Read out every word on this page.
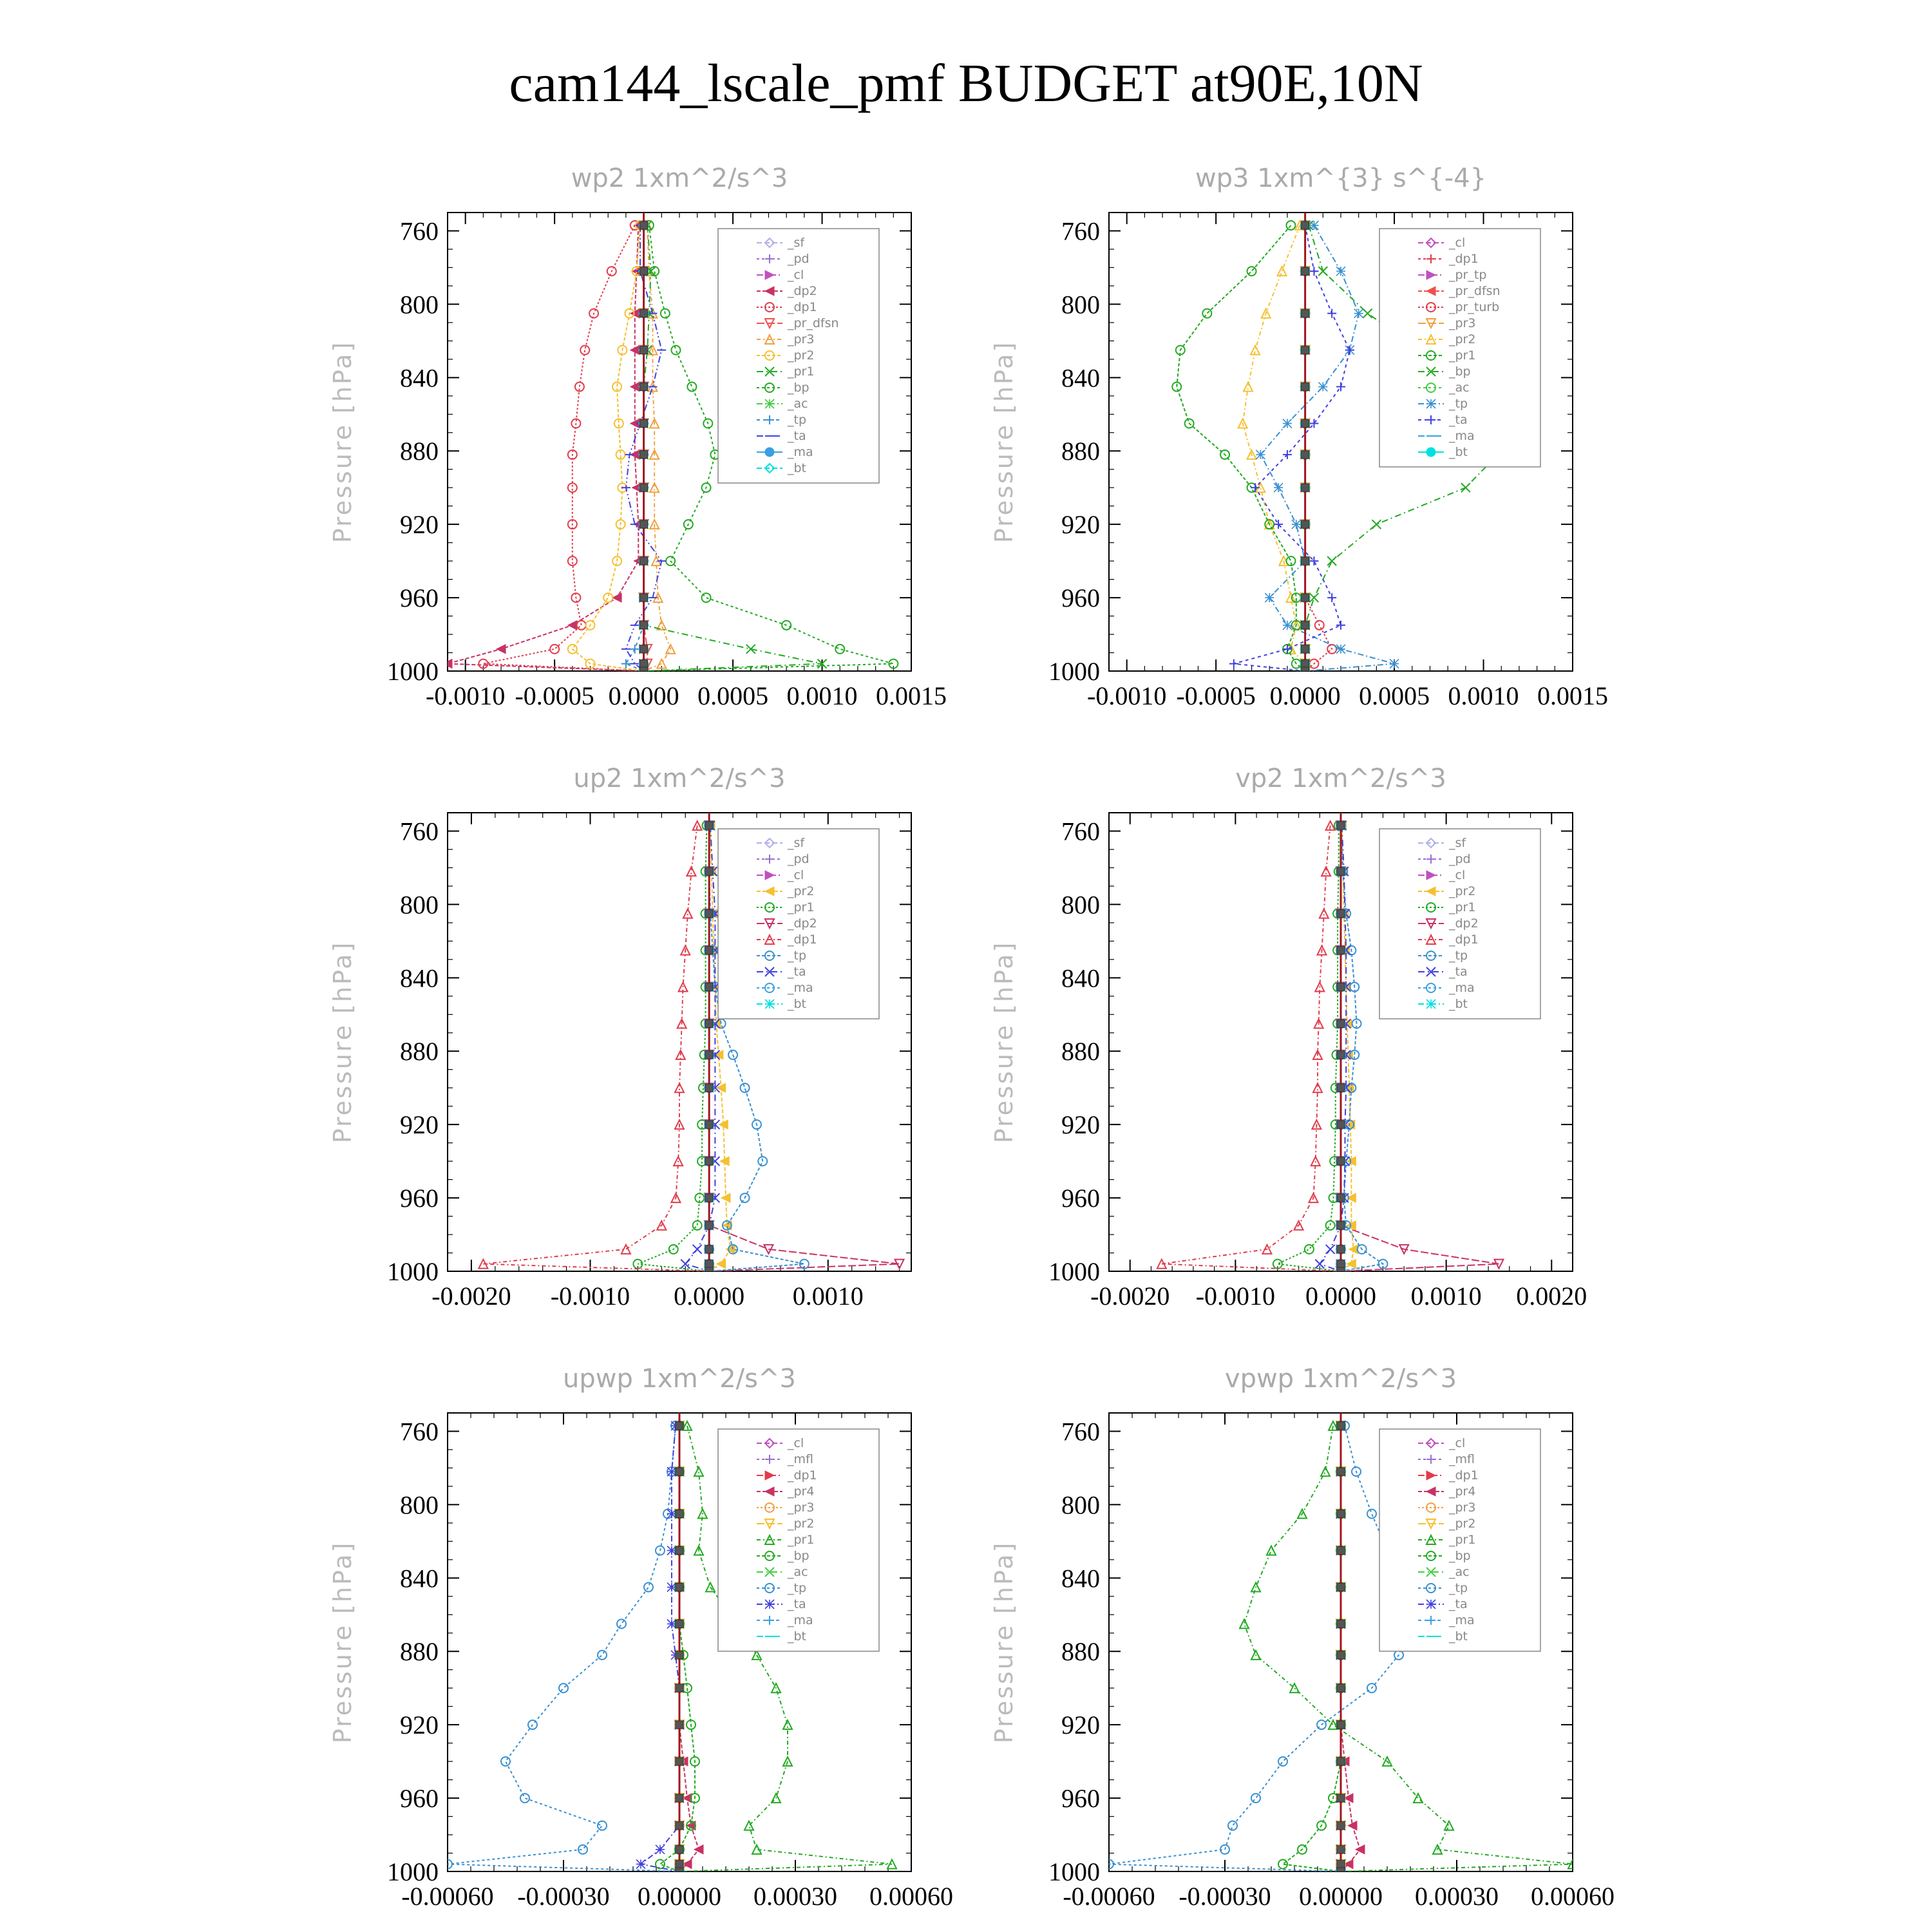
cam144_lscale_pmf BUDGET at90E,10N
wp2 1xm^2/s^3
760
800
840
880
920
960
1000
-0.0010 -0.0005 0.0000 0.0005 0.0010 0.0015
Pressure [hPa]
_sf
_pd
_cl
_dp2
_dp1
_pr_dfsn
_pr3
_pr2
_pr1
_bp
_ac
_tp
_ta
_ma
_bt
wp3 1xm^{3} s^{-4}
760
800
840
880
920
960
1000
-0.0010 -0.0005 0.0000 0.0005 0.0010 0.0015
Pressure [hPa]
_cl
_dp1
_pr_tp
_pr_dfsn
_pr_turb
_pr3
_pr2
_pr1
_bp
_ac
_tp
_ta
_ma
_bt
up2 1xm^2/s^3
760
800
840
880
920
960
1000
-0.0020 -0.0010 0.0000 0.0010
Pressure [hPa]
_sf
_pd
_cl
_pr2
_pr1
_dp2
_dp1
_tp
_ta
_ma
_bt
vp2 1xm^2/s^3
760
800
840
880
920
960
1000
-0.0020 -0.0010 0.0000 0.0010 0.0020
Pressure [hPa]
_sf
_pd
_cl
_pr2
_pr1
_dp2
_dp1
_tp
_ta
_ma
_bt
upwp 1xm^2/s^3
760
800
840
880
920
960
1000
-0.00060 -0.00030 0.00000 0.00030 0.00060
Pressure [hPa]
_cl
_mfl
_dp1
_pr4
_pr3
_pr2
_pr1
_bp
_ac
_tp
_ta
_ma
_bt
vpwp 1xm^2/s^3
760
800
840
880
920
960
1000
-0.00060 -0.00030 0.00000 0.00030 0.00060
Pressure [hPa]
_cl
_mfl
_dp1
_pr4
_pr3
_pr2
_pr1
_bp
_ac
_tp
_ta
_ma
_bt
